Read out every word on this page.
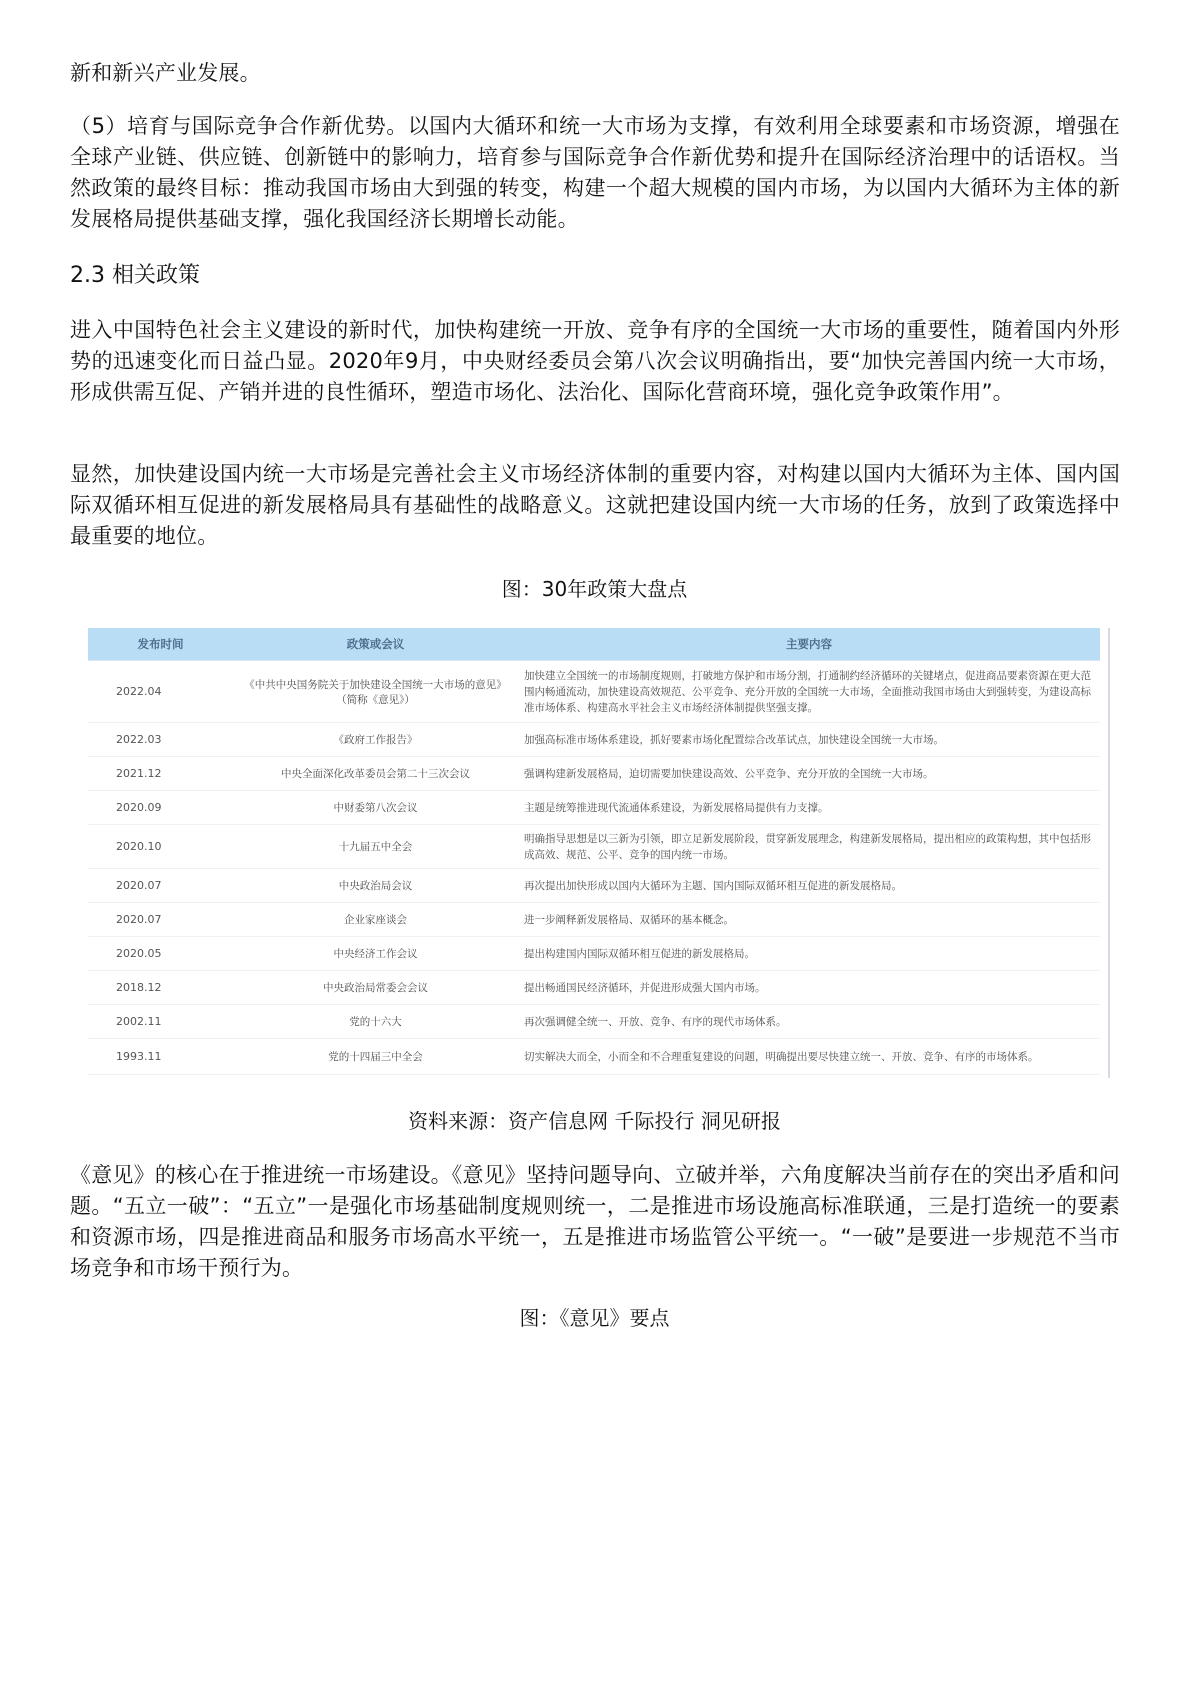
新和新兴产业发展。

（5）培育与国际竞争合作新优势。以国内大循环和统一大市场为支撑，有效利用全球要素和市场资源，增强在全球产业链、供应链、创新链中的影响力，培育参与国际竞争合作新优势和提升在国际经济治理中的话语权。当然政策的最终目标：推动我国市场由大到强的转变，构建一个超大规模的国内市场，为以国内大循环为主体的新发展格局提供基础支撑，强化我国经济长期增长动能。

2.3 相关政策

进入中国特色社会主义建设的新时代，加快构建统一开放、竞争有序的全国统一大市场的重要性，随着国内外形势的迅速变化而日益凸显。2020年9月，中央财经委员会第八次会议明确指出，要“加快完善国内统一大市场，形成供需互促、产销并进的良性循环，塑造市场化、法治化、国际化营商环境，强化竞争政策作用”。

显然，加快建设国内统一大市场是完善社会主义市场经济体制的重要内容，对构建以国内大循环为主体、国内国际双循环相互促进的新发展格局具有基础性的战略意义。这就把建设国内统一大市场的任务，放到了政策选择中最重要的地位。

图：30年政策大盘点

发布时间	政策或会议	主要内容
2022.04	《中共中央国务院关于加快建设全国统一大市场的意见》（简称《意见》）	加快建立全国统一的市场制度规则，打破地方保护和市场分割，打通制约经济循环的关键堵点，促进商品要素资源在更大范围内畅通流动，加快建设高效规范、公平竞争、充分开放的全国统一大市场，全面推动我国市场由大到强转变，为建设高标准市场体系、构建高水平社会主义市场经济体制提供坚强支撑。
2022.03	《政府工作报告》	加强高标准市场体系建设，抓好要素市场化配置综合改革试点，加快建设全国统一大市场。
2021.12	中央全面深化改革委员会第二十三次会议	强调构建新发展格局，迫切需要加快建设高效、公平竞争、充分开放的全国统一大市场。
2020.09	中财委第八次会议	主题是统筹推进现代流通体系建设，为新发展格局提供有力支撑。
2020.10	十九届五中全会	明确指导思想是以三新为引领，即立足新发展阶段，贯穿新发展理念，构建新发展格局，提出相应的政策构想，其中包括形成高效、规范、公平、竞争的国内统一市场。
2020.07	中央政治局会议	再次提出加快形成以国内大循环为主题、国内国际双循环相互促进的新发展格局。
2020.07	企业家座谈会	进一步阐释新发展格局、双循环的基本概念。
2020.05	中央经济工作会议	提出构建国内国际双循环相互促进的新发展格局。
2018.12	中央政治局常委会会议	提出畅通国民经济循环，并促进形成强大国内市场。
2002.11	党的十六大	再次强调健全统一、开放、竞争、有序的现代市场体系。
1993.11	党的十四届三中全会	切实解决大而全，小而全和不合理重复建设的问题，明确提出要尽快建立统一、开放、竞争、有序的市场体系。

资料来源：资产信息网 千际投行 洞见研报

《意见》的核心在于推进统一市场建设。《意见》坚持问题导向、立破并举，六角度解决当前存在的突出矛盾和问题。“五立一破”：“五立”一是强化市场基础制度规则统一，二是推进市场设施高标准联通，三是打造统一的要素和资源市场，四是推进商品和服务市场高水平统一，五是推进市场监管公平统一。“一破”是要进一步规范不当市场竞争和市场干预行为。

图：《意见》要点
